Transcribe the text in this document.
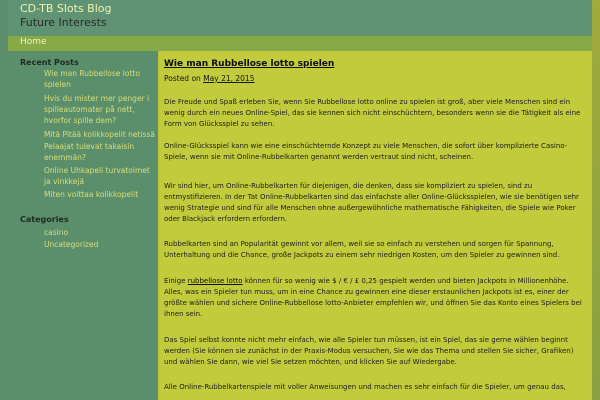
CD-TB Slots Blog
Future Interests
Home
Recent Posts
Wie man Rubbellose lotto spielen
Hvis du mister mer penger i spilleautomater på nett, hvorfor spille dem?
Mitä Pitää kolikkopelit netissä
Pelaajat tulevat takaisin enemmän?
Online Uhkapeli turvatoimet ja vinkkejä
Miten voittaa kolikkopelit
Categories
casino
Uncategorized
Wie man Rubbellose lotto spielen
Posted on May 21, 2015

Die Freude und Spaß erleben Sie, wenn Sie Rubbellose lotto online zu spielen ist groß, aber viele Menschen sind ein wenig durch ein neues Online-Spiel, das sie kennen sich nicht einschüchtern, besonders wenn sie die Tätigkeit als eine Form von Glücksspiel zu sehen.

Online-Glücksspiel kann wie eine einschüchternde Konzept zu viele Menschen, die sofort über komplizierte Casino-Spiele, wenn sie mit Online-Rubbelkarten genannt werden vertraut sind nicht, scheinen.

Wir sind hier, um Online-Rubbelkarten für diejenigen, die denken, dass sie kompliziert zu spielen, sind zu entmystifizieren. In der Tat Online-Rubbelkarten sind das einfachste aller Online-Glücksspielen, wie sie benötigen sehr wenig Strategie und sind für alle Menschen ohne außergewöhnliche mathematische Fähigkeiten, die Spiele wie Poker oder Blackjack erfordern erfordern.

Rubbelkarten sind an Popularität gewinnt vor allem, weil sie so einfach zu verstehen und sorgen für Spannung, Unterhaltung und die Chance, große Jackpots zu einem sehr niedrigen Kosten, um den Spieler zu gewinnen sind.

Einige rubbellose lotto können für so wenig wie $ / € / £ 0,25 gespielt werden und bieten Jackpots in Millionenhöhe. Alles, was ein Spieler tun muss, um in eine Chance zu gewinnen eine dieser erstaunlichen Jackpots ist es, einer der größte wählen und sichere Online-Rubbellose lotto-Anbieter empfehlen wir, und öffnen Sie das Konto eines Spielers bei ihnen sein.

Das Spiel selbst konnte nicht mehr einfach, wie alle Spieler tun müssen, ist ein Spiel, das sie gerne wählen beginnt werden (Sie können sie zunächst in der Praxis-Modus versuchen, Sie wie das Thema und stellen Sie sicher, Grafiken) und wählen Sie dann, wie viel Sie setzen möchten, und klicken Sie auf Wiedergabe.

Alle Online-Rubbelkartenspiele mit voller Anweisungen und machen es sehr einfach für die Spieler, um genau das,
